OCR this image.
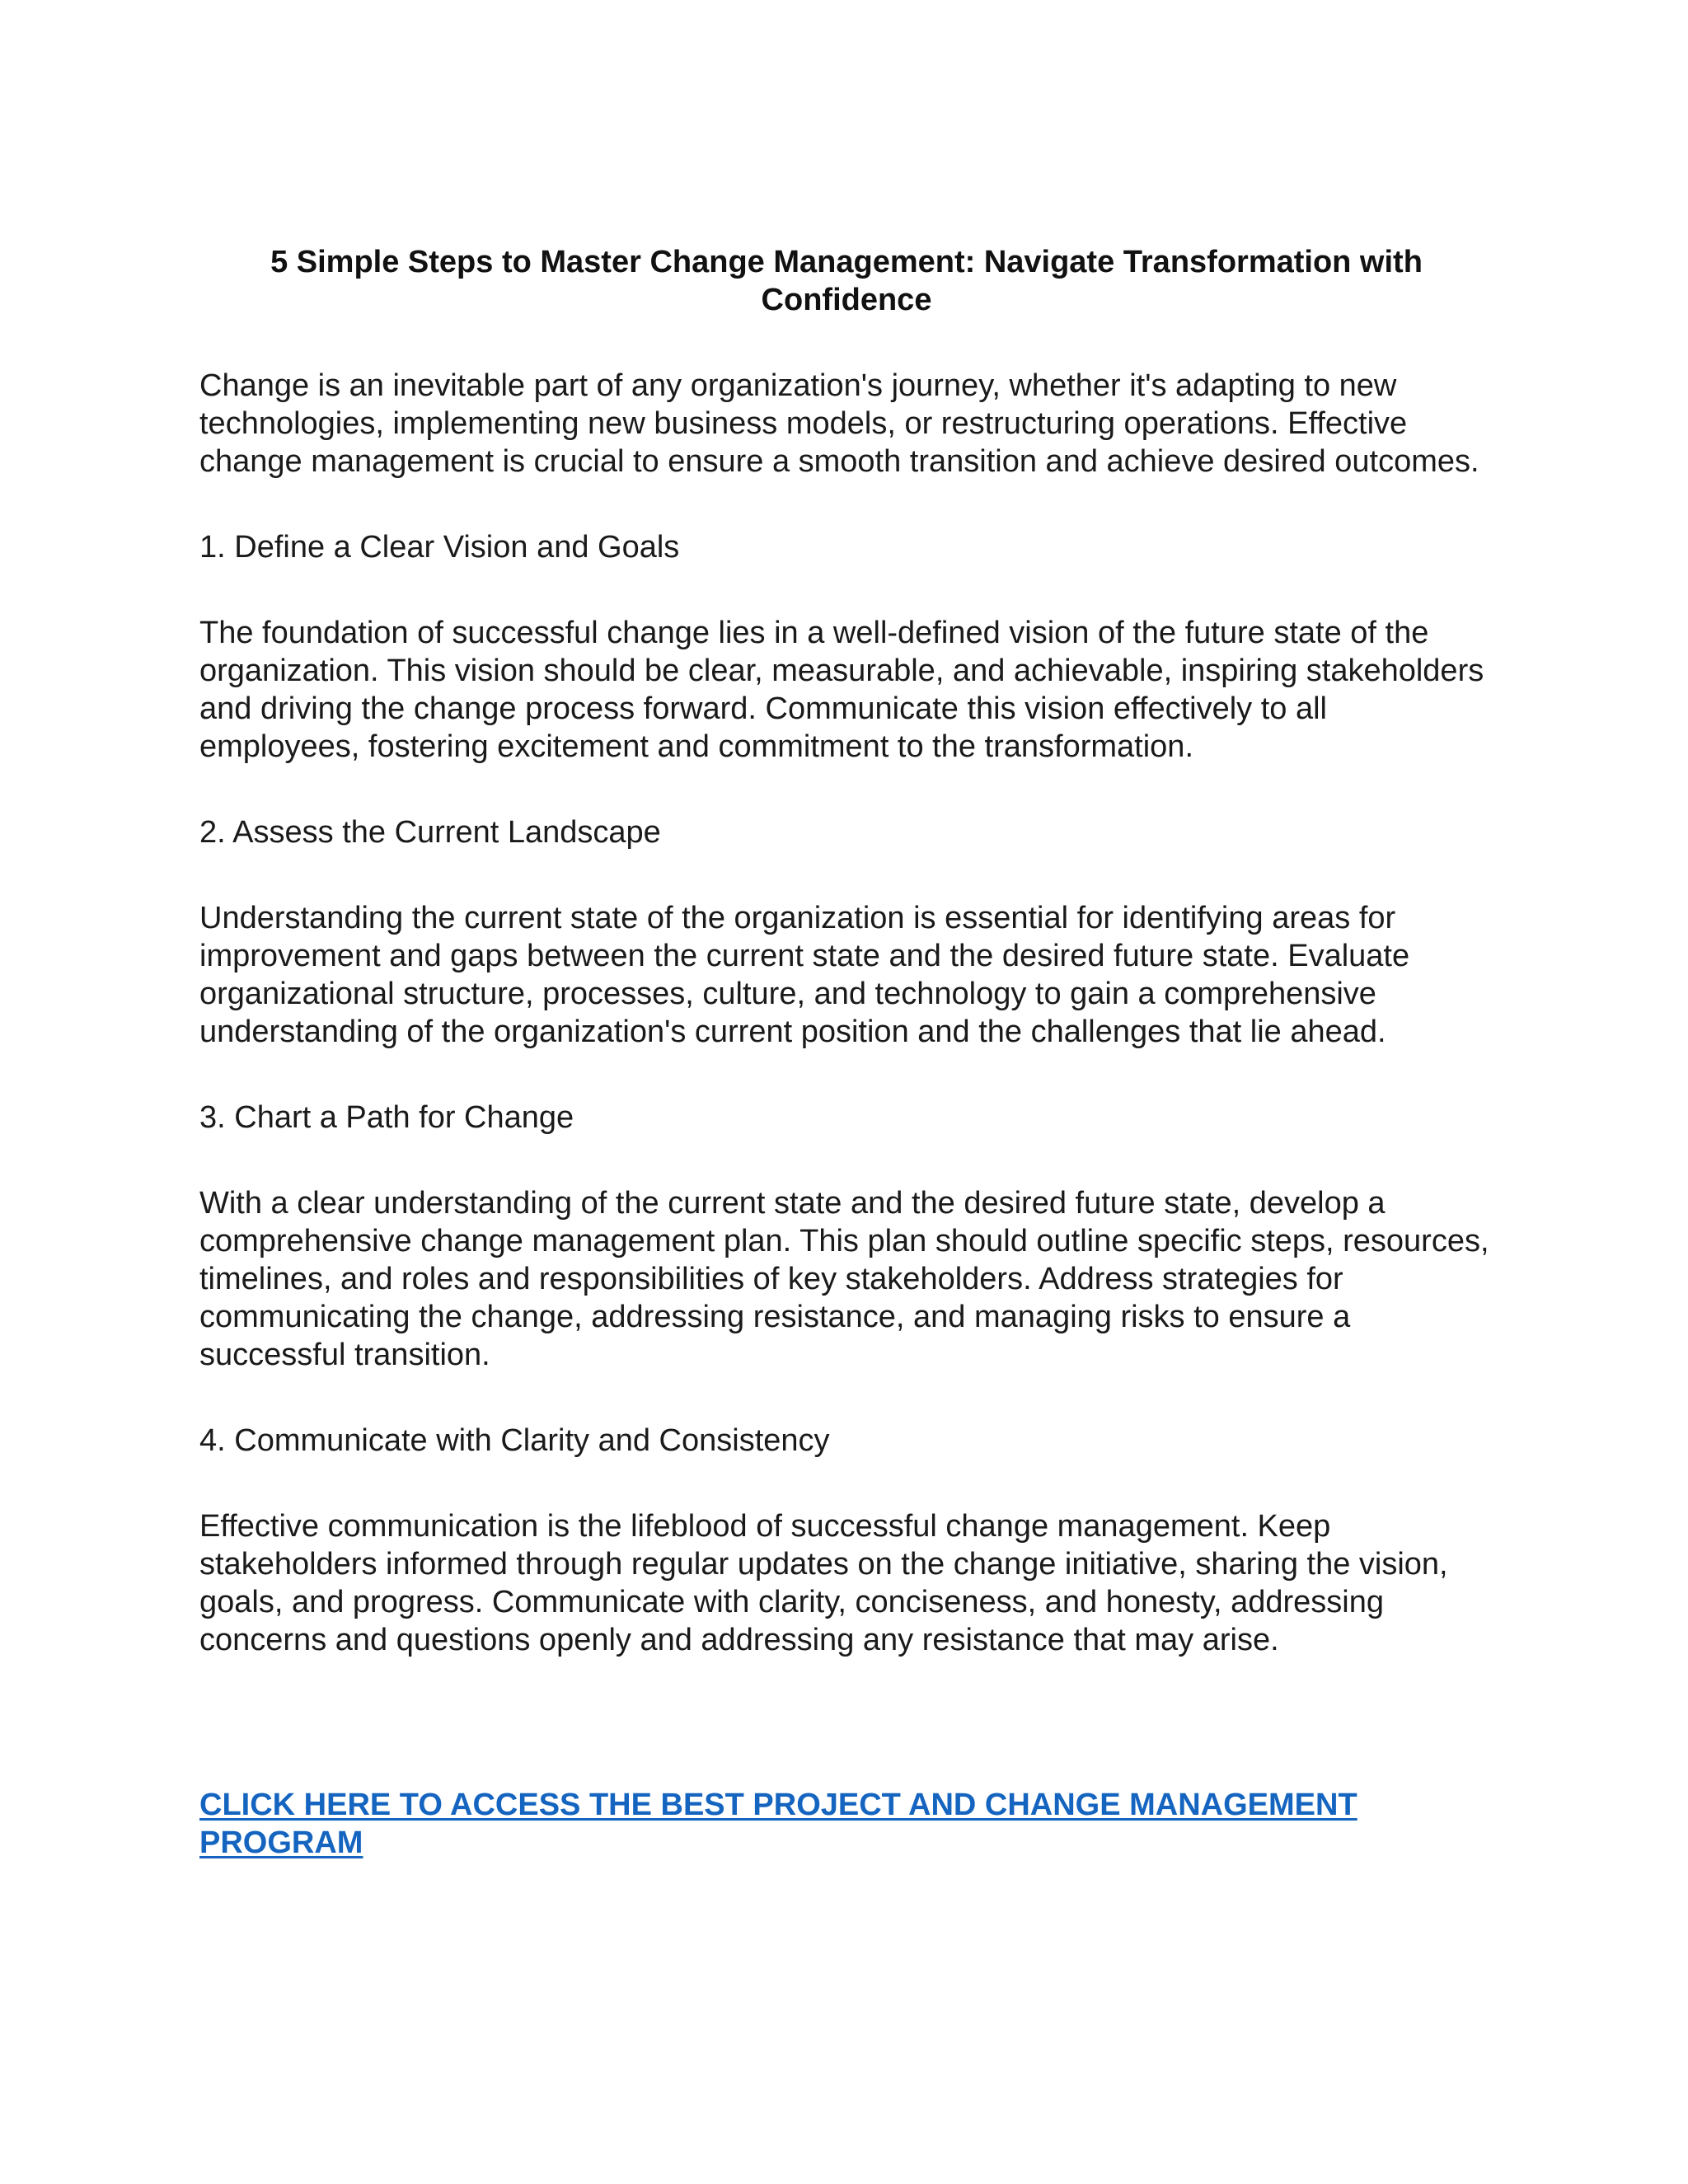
5 Simple Steps to Master Change Management: Navigate Transformation with Confidence

Change is an inevitable part of any organization's journey, whether it's adapting to new technologies, implementing new business models, or restructuring operations. Effective change management is crucial to ensure a smooth transition and achieve desired outcomes.

1. Define a Clear Vision and Goals

The foundation of successful change lies in a well-defined vision of the future state of the organization. This vision should be clear, measurable, and achievable, inspiring stakeholders and driving the change process forward. Communicate this vision effectively to all employees, fostering excitement and commitment to the transformation.

2. Assess the Current Landscape

Understanding the current state of the organization is essential for identifying areas for improvement and gaps between the current state and the desired future state. Evaluate organizational structure, processes, culture, and technology to gain a comprehensive understanding of the organization's current position and the challenges that lie ahead.

3. Chart a Path for Change

With a clear understanding of the current state and the desired future state, develop a comprehensive change management plan. This plan should outline specific steps, resources, timelines, and roles and responsibilities of key stakeholders. Address strategies for communicating the change, addressing resistance, and managing risks to ensure a successful transition.

4. Communicate with Clarity and Consistency

Effective communication is the lifeblood of successful change management. Keep stakeholders informed through regular updates on the change initiative, sharing the vision, goals, and progress. Communicate with clarity, conciseness, and honesty, addressing concerns and questions openly and addressing any resistance that may arise.

CLICK HERE TO ACCESS THE BEST PROJECT AND CHANGE MANAGEMENT PROGRAM
